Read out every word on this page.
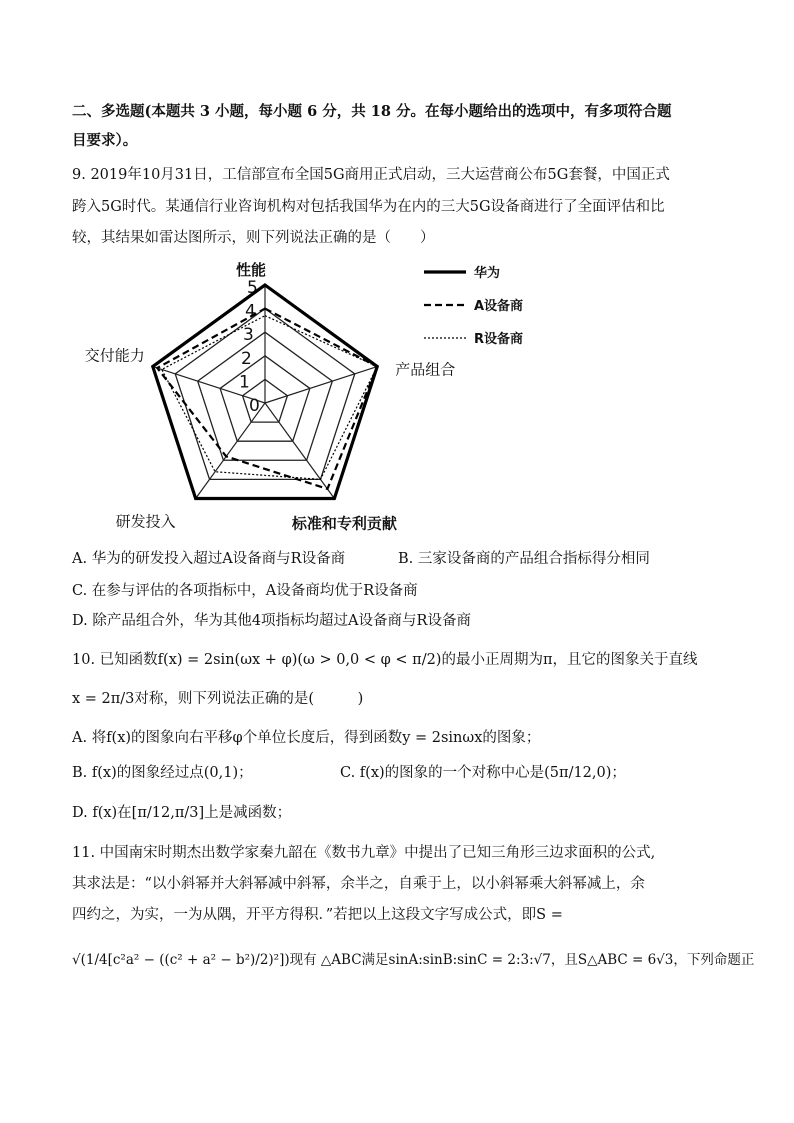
二、多选题(本题共 3 小题，每小题 6 分，共 18 分。在每小题给出的选项中，有多项符合题
目要求）。
9. 2019年10月31日，工信部宣布全国5G商用正式启动，三大运营商公布5G套餐，中国正式
跨入5G时代。某通信行业咨询机构对包括我国华为在内的三大5G设备商进行了全面评估和比
较，其结果如雷达图所示，则下列说法正确的是（　　）
0
1
2
3
4
5
性能
产品组合
标准和专利贡献
研发投入
交付能力
华为
A设备商
R设备商
A. 华为的研发投入超过A设备商与R设备商	B. 三家设备商的产品组合指标得分相同
C. 在参与评估的各项指标中，A设备商均优于R设备商
D. 除产品组合外，华为其他4项指标均超过A设备商与R设备商
10. 已知函数f(x) = 2sin(ωx + φ)(ω > 0,0 < φ < π/2)的最小正周期为π，且它的图象关于直线
x = 2π/3对称，则下列说法正确的是(　　　)
A. 将f(x)的图象向右平移φ个单位长度后，得到函数y = 2sinωx的图象；
B. f(x)的图象经过点(0,1)；	C. f(x)的图象的一个对称中心是(5π/12,0)；
D. f(x)在[π/12,π/3]上是减函数；
11. 中国南宋时期杰出数学家秦九韶在《数书九章》中提出了已知三角形三边求面积的公式,
其求法是：“以小斜幂并大斜幂减中斜幂，余半之，自乘于上，以小斜幂乘大斜幂减上，余
四约之，为实，一为从隅，开平方得积．”若把以上这段文字写成公式，即S =
√(1/4[c²a² − ((c² + a² − b²)/2)²])现有 △ABC满足sinA:sinB:sinC = 2:3:√7，且S△ABC = 6√3，下列命题正
